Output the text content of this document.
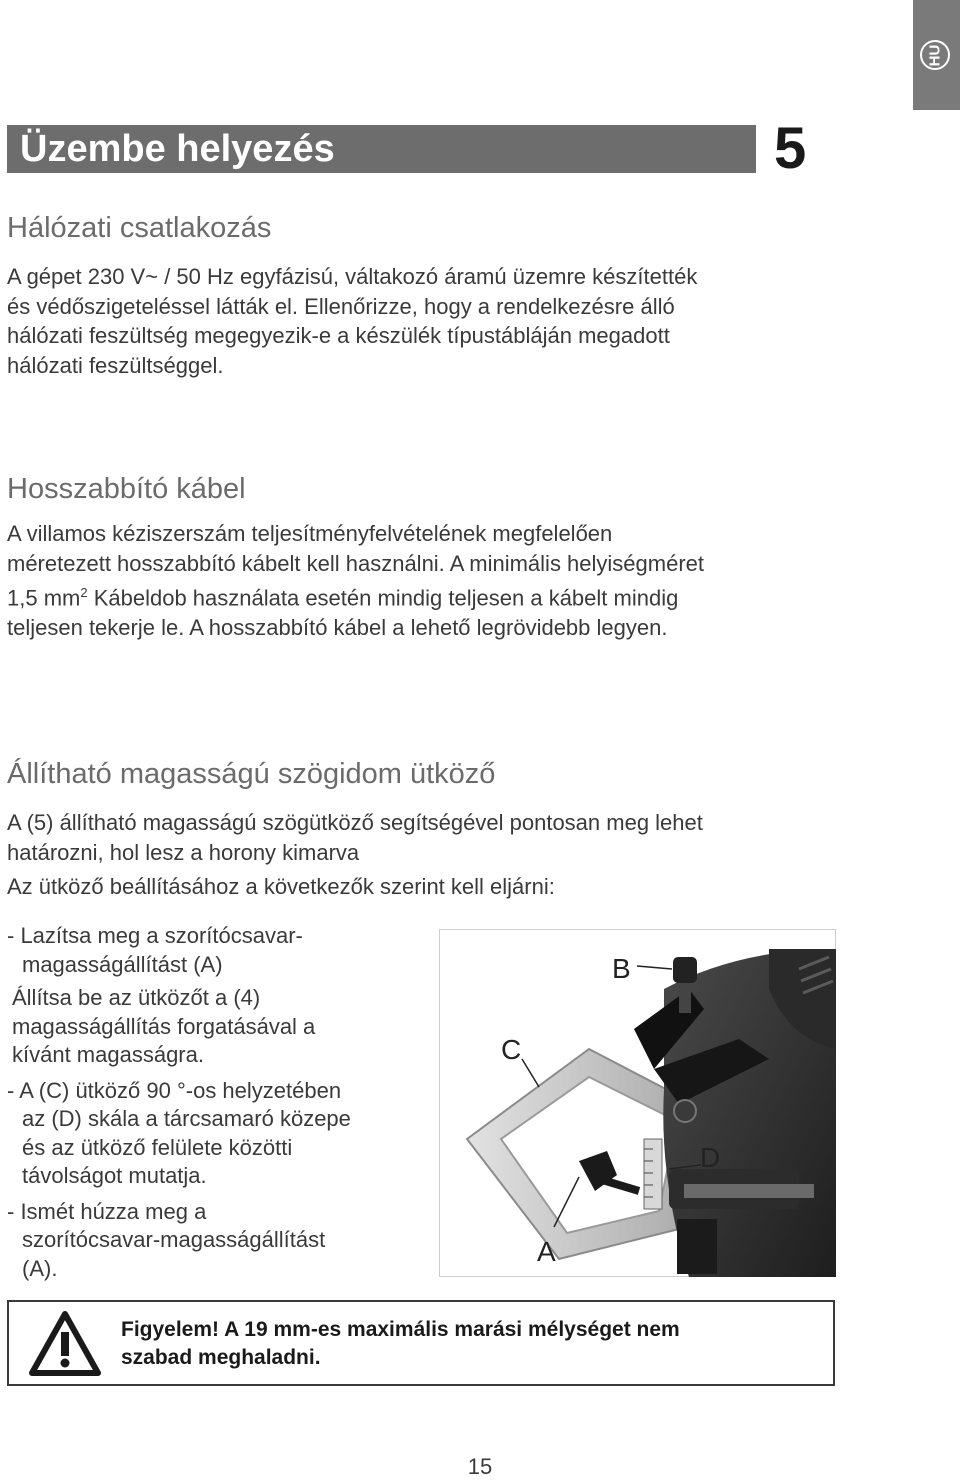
HU
Üzembe helyezés	5
Hálózati csatlakozás

A gépet 230 V~ / 50 Hz egyfázisú, váltakozó áramú üzemre készítették
és védőszigeteléssel látták el. Ellenőrizze, hogy a rendelkezésre álló
hálózati feszültség megegyezik-e a készülék típustábláján megadott
hálózati feszültséggel.

Hosszabbító kábel

A villamos kéziszerszám teljesítményfelvételének megfelelően
méretezett hosszabbító kábelt kell használni. A minimális helyiségméret
1,5 $mm^2$ Kábeldob használata esetén mindig teljesen a kábelt mindig
teljesen tekerje le. A hosszabbító kábel a lehető legrövidebb legyen.

Állítható magasságú szögidom ütköző

A (5) állítható magasságú szögütköző segítségével pontosan meg lehet
határozni, hol lesz a horony kimarva

Az ütköző beállításához a következők szerint kell eljárni:

- Lazítsa meg a szorítócsavar-
magasságállítást (A)
Állítsa be az ütközőt a (4)
magasságállítás forgatásával a
kívánt magasságra.
- A (C) ütköző 90 °-os helyzetében
az (D) skála a tárcsamaró közepe
és az ütköző felülete közötti
távolságot mutatja.
- Ismét húzza meg a
szorítócsavar-magasságállítást
(A).
B
C
D
A
Figyelem! A 19 mm-es maximális marási mélységet nem
szabad meghaladni.
15
